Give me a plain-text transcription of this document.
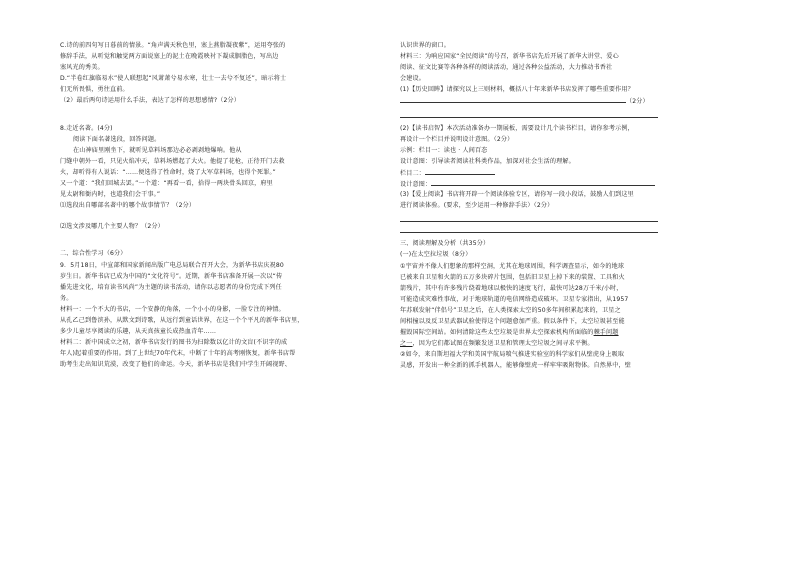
C.诗的前四句写日暮前的情景。“角声满天秋色里，塞上燕脂凝夜紫”，运用夸张的
修辞手法，从听觉和触觉两方面说塞上的泥土在晚霞映衬下凝成胭脂色，写出边
塞风光的秀美。
D.“半卷红旗临易水”使人联想起“风萧萧兮易水寒，壮士一去兮不复还”，暗示将士
们无所畏惧，勇往直前。
（2）最后两句诗运用什么手法，表达了怎样的思想感情?（2分）
8.走近名著。(4分)
阅读下面名著选段，回答问题。
在山神庙里刚坐下，就听见草料场那边必必剥剥地爆响。他从
门缝中朝外一看，只见火焰冲天，草料场燃起了大火。他提了花枪，正待开门去救
火，却听得有人说话：“……便选得了性命时，烧了大军草料场，也得个死罪。”
又一个道：“我们回城去罢。”一个道：“再看一看，拾得一两块骨头回京，府里
见太尉和衙内时，也道我们会干事。”
⑴选段出自哪部名著中的哪个故事情节？（2分）
⑵选文涉及哪几个主要人物？（2分）
二、综合性学习（6分）
9．5月18日，中宣部和国家新闻出版广电总局联合召开大会，为新华书店庆祝80
岁生日。新华书店已成为中国的“文化符号”。近期，新华书店准备开展一次以“传
播先进文化，培育读书风尚”为主题的读书活动，请你以志愿者的身份完成下列任
务。
材料一：一个不大的书店，一个安静的角落，一个小小的身影，一脸专注的神情。
从孔乙己到鲁滨孙，从默文到诗歌，从远行到童话世界，在这一个个平凡的新华书店里，
多少儿童尽享阅读的乐趣，从天真孩童长成热血青年……
材料二：新中国成立之初，新华书店发行的图书为扫除数以亿计的文盲(不识字的成
年人)起着重要的作用。到了上世纪70年代末，中断了十年的高考刚恢复，新华书店帮
助考生走出知识荒漠，改变了他们的命运。今天，新华书店是我们中学生开阔视野、
认识世界的窗口。
材料三：为响应国家“全民阅读”的号召，新华书店先后开展了新华大讲堂、爱心
阅读、征文比赛等各种各样的阅读活动，通过各种公益活动，大力推动书香社
会建设。
(1)【历史回眸】请探究以上三则材料，概括八十年来新华书店发挥了哪些重要作用？
（2分）
(2)【读书启智】本次活动准备办一期展板，需要设计几个读书栏目，请你参考示例，
再设计一个栏目并说明设计意图。（2分）
示例：栏目一：读也 · 人间百态
设计意图：引导读者阅读社科类作品，加深对社会生活的理解。
栏目二：
设计意图：
(3)【爱上阅读】书店将开辟一个阅读体验专区，请你写一段小段话，鼓励人们到这里
进行阅读体验。(要求，至少运用一种修辞手法）（2分）
三、阅读理解及分析（共35分）
(一)在太空拉垃圾（8分）
①宇宙并不像人们想象的那样空洞，尤其在地球周围，科学调查显示，如今的地球
已被来自卫星和火箭的五万多块碎片包围，包括旧卫星上掉下来的装置、工具和火
箭残片，其中有许多残片绕着地球以极快的速度飞行，最快可达28万千米/小时，
可能造成灾难性事故，对于地球轨道的电信网络造成破坏。卫星专家指出，从1957
年苏联发射“伴侣号”卫星之后，在人类探索太空的50多年间积累起来的，卫星之
间相撞以及反卫星武器试验使得这个问题愈加严重。假以条件下，太空垃圾甚至能
摧毁国际空间站。如何清除这些太空垃圾是世界太空探索机构所面临的棘手问题
之一，因为它们都试图在频繁发送卫星和管理太空垃圾之间寻求平衡。
②如今，来自斯坦福大学和美国宇航局喷气推进实验室的科学家们从壁虎身上吸取
灵感，开发出一种全新的抓手机器人，能够像壁虎一样牢牢吸附物体。自然界中，壁
